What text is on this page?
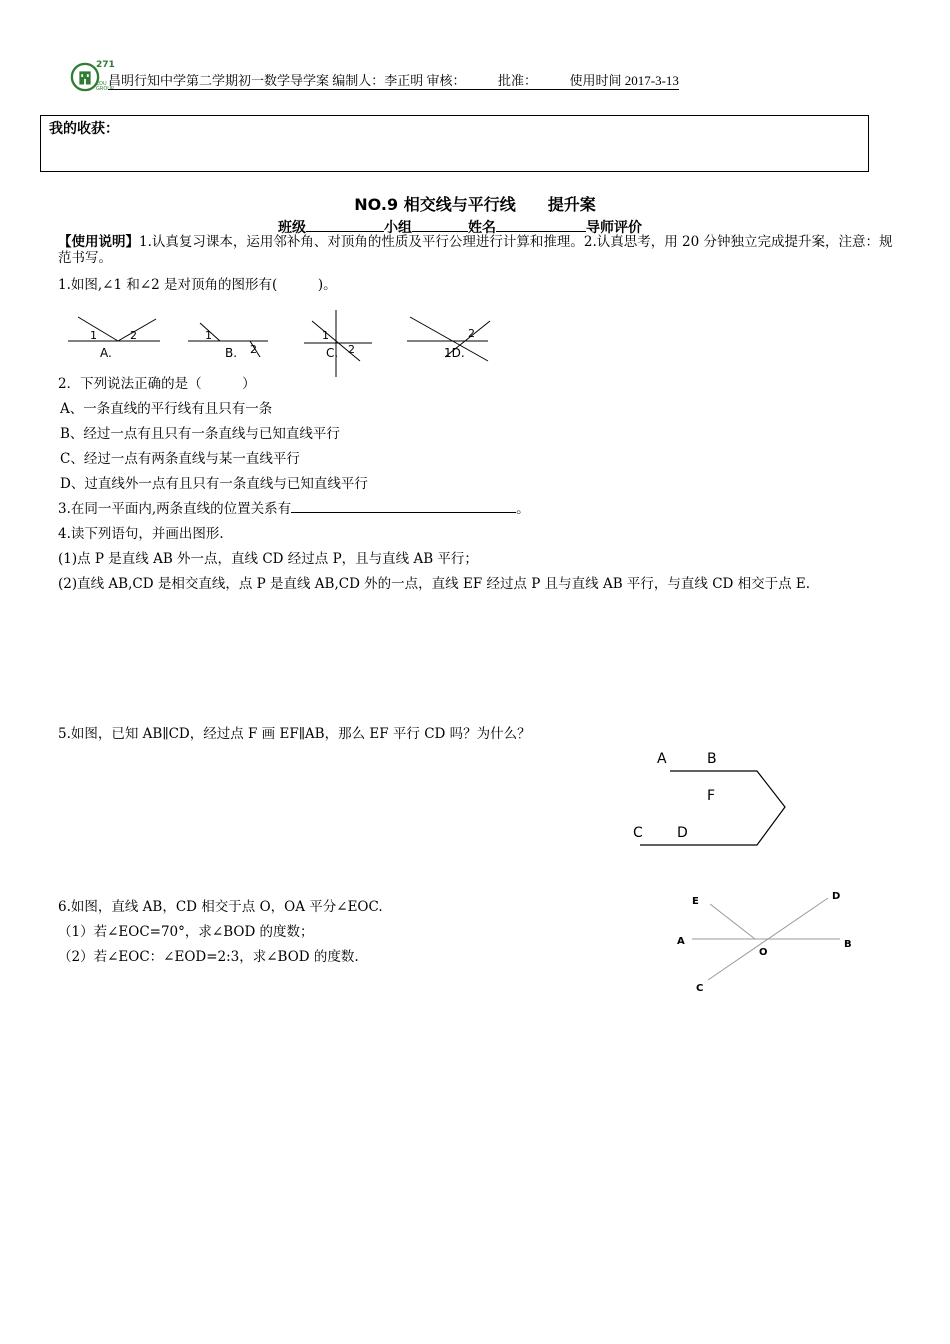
271
EDU GROUP
昌明行知中学第二学期初一数学导学案 编制人：李正明 审核：　　　批准：　　　使用时间 2017-3-13
我的收获：
NO.9 相交线与平行线　　提升案
班级	小组	姓名	导师评价
【使用说明】1.认真复习课本，运用邻补角、对顶角的性质及平行公理进行计算和推理。2.认真思考，用 20 分钟独立完成提升案，注意：规范书写。
1.如图,∠1 和∠2 是对顶角的图形有(　　　)。
1	2
A.
1
2
B.
1
2
C.
2
1D.
2．下列说法正确的是（　　　）
A、一条直线的平行线有且只有一条
B、经过一点有且只有一条直线与已知直线平行
C、经过一点有两条直线与某一直线平行
D、过直线外一点有且只有一条直线与已知直线平行
3.在同一平面内,两条直线的位置关系有	。
4.读下列语句，并画出图形.
(1)点 P 是直线 AB 外一点，直线 CD 经过点 P，且与直线 AB 平行；
(2)直线 AB,CD 是相交直线，点 P 是直线 AB,CD 外的一点，直线 EF 经过点 P 且与直线 AB 平行，与直线 CD 相交于点 E.
5.如图，已知 AB∥CD，经过点 F 画 EF∥AB，那么 EF 平行 CD 吗？为什么？
A	B
F
C D
6.如图，直线 AB，CD 相交于点 O，OA 平分∠EOC.
（1）若∠EOC=70°，求∠BOD 的度数；
（2）若∠EOC：∠EOD=2:3，求∠BOD 的度数.
E	D
A
O
B
C
